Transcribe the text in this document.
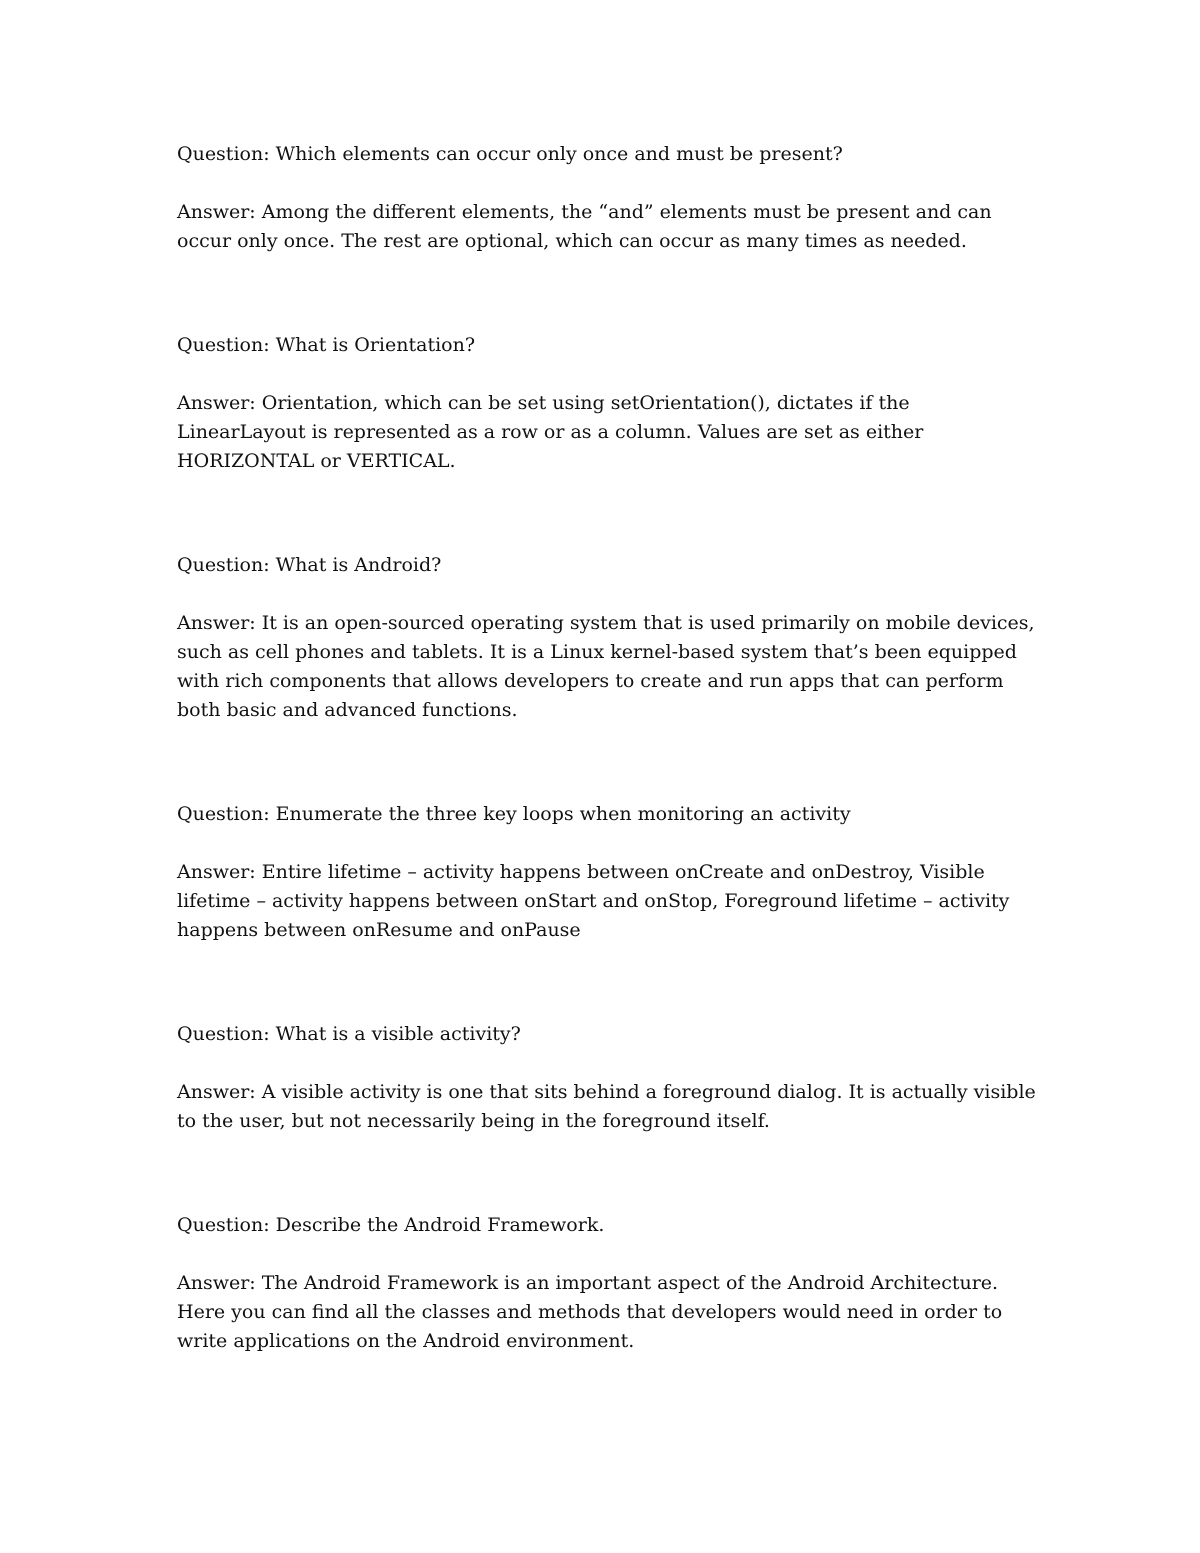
Question: Which elements can occur only once and must be present?

Answer: Among the different elements, the “and” elements must be present and can occur only once. The rest are optional, which can occur as many times as needed.

Question: What is Orientation?

Answer: Orientation, which can be set using setOrientation(), dictates if the LinearLayout is represented as a row or as a column. Values are set as either HORIZONTAL or VERTICAL.

Question: What is Android?

Answer: It is an open-sourced operating system that is used primarily on mobile devices, such as cell phones and tablets. It is a Linux kernel-based system that’s been equipped with rich components that allows developers to create and run apps that can perform both basic and advanced functions.

Question: Enumerate the three key loops when monitoring an activity

Answer: Entire lifetime – activity happens between onCreate and onDestroy, Visible lifetime – activity happens between onStart and onStop, Foreground lifetime – activity happens between onResume and onPause

Question: What is a visible activity?

Answer: A visible activity is one that sits behind a foreground dialog. It is actually visible to the user, but not necessarily being in the foreground itself.

Question: Describe the Android Framework.

Answer: The Android Framework is an important aspect of the Android Architecture. Here you can find all the classes and methods that developers would need in order to write applications on the Android environment.
